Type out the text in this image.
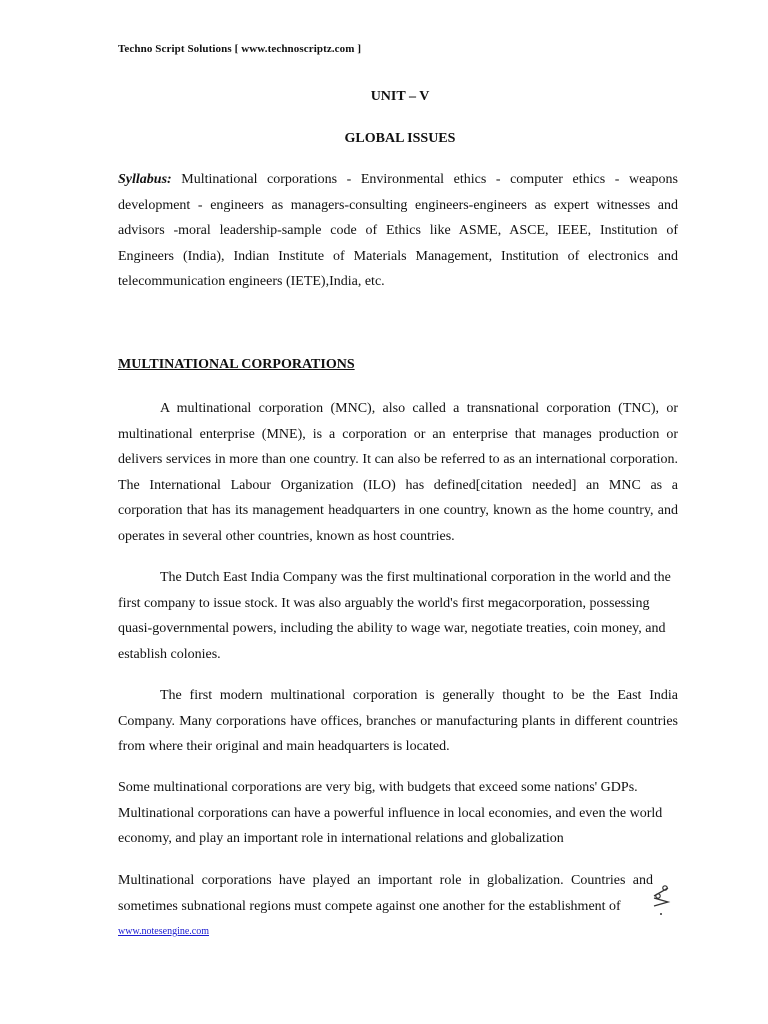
Techno Script Solutions [ www.technoscriptz.com ]
UNIT – V
GLOBAL ISSUES

Syllabus: Multinational corporations - Environmental ethics - computer ethics - weapons development - engineers as managers-consulting engineers-engineers as expert witnesses and advisors -moral leadership-sample code of Ethics like ASME, ASCE, IEEE, Institution of Engineers (India), Indian Institute of Materials Management, Institution of electronics and telecommunication engineers (IETE),India, etc.

MULTINATIONAL CORPORATIONS

A multinational corporation (MNC), also called a transnational corporation (TNC), or multinational enterprise (MNE), is a corporation or an enterprise that manages production or delivers services in more than one country. It can also be referred to as an international corporation. The International Labour Organization (ILO) has defined[citation needed] an MNC as a corporation that has its management headquarters in one country, known as the home country, and operates in several other countries, known as host countries.

The Dutch East India Company was the first multinational corporation in the world and the first company to issue stock. It was also arguably the world's first megacorporation, possessing quasi-governmental powers, including the ability to wage war, negotiate treaties, coin money, and establish colonies.

The first modern multinational corporation is generally thought to be the East India Company. Many corporations have offices, branches or manufacturing plants in different countries from where their original and main headquarters is located.

Some multinational corporations are very big, with budgets that exceed some nations' GDPs. Multinational corporations can have a powerful influence in local economies, and even the world economy, and play an important role in international relations and globalization

Multinational corporations have played an important role in globalization. Countries and sometimes subnational regions must compete against one another for the establishment of

www.notesengine.com
